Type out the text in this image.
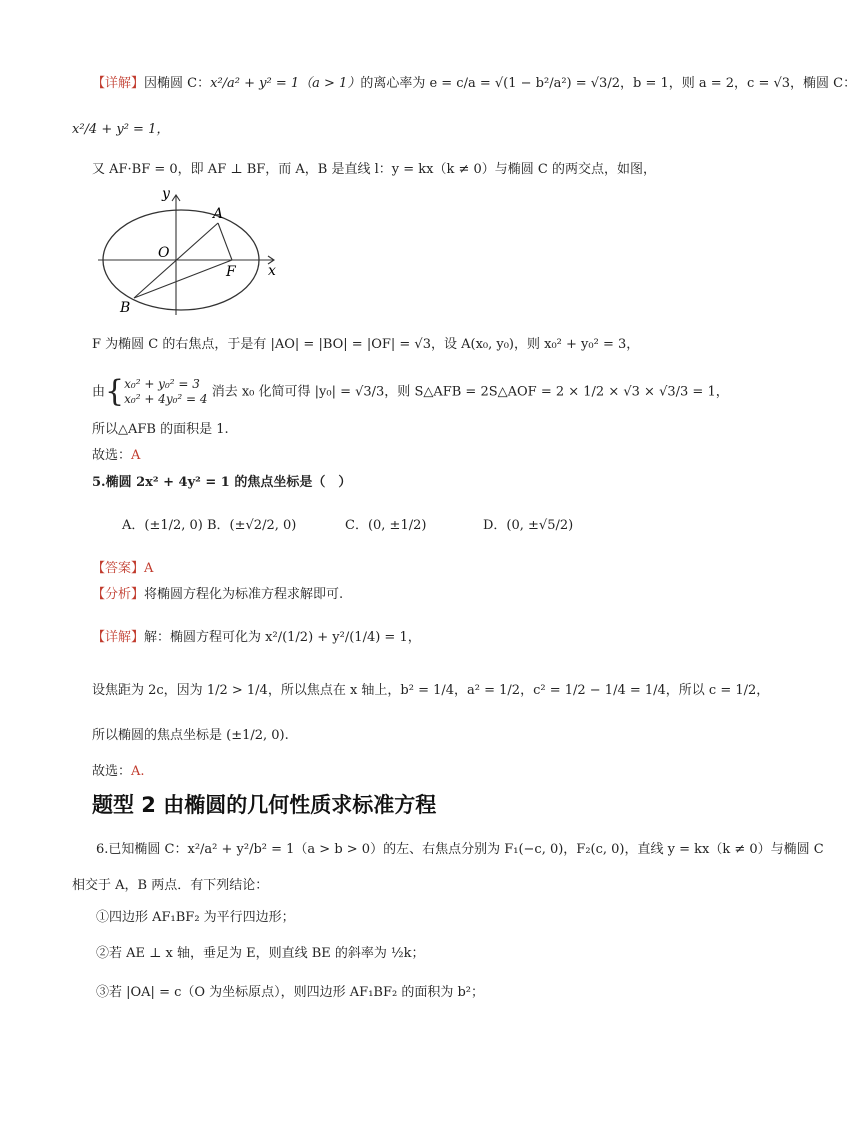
【详解】因椭圆 C：x²/a² + y² = 1（a > 1）的离心率为 e = c/a = √(1 − b²/a²) = √3/2，b = 1，则 a = 2，c = √3，椭圆 C：
x²/4 + y² = 1，
又 AF·BF = 0，即 AF ⊥ BF，而 A，B 是直线 l：y = kx（k ≠ 0）与椭圆 C 的两交点，如图，
y
x
A
O
F
B
F 为椭圆 C 的右焦点，于是有 |AO| = |BO| = |OF| = √3，设 A(x₀, y₀)，则 x₀² + y₀² = 3，
由{ x₀² + y₀² = 3
x₀² + 4y₀² = 4 消去 x₀ 化简可得 |y₀| = √3/3，则 S△AFB = 2S△AOF = 2 × 1/2 × √3 × √3/3 = 1，
所以△AFB 的面积是 1.
故选：A
5.椭圆 2x² + 4y² = 1 的焦点坐标是（　）
A．(±1/2, 0) B．(±√2/2, 0)	C．(0, ±1/2)	D．(0, ±√5/2)
【答案】A
【分析】将椭圆方程化为标准方程求解即可.
【详解】解：椭圆方程可化为 x²/(1/2) + y²/(1/4) = 1，
设焦距为 2c，因为 1/2 > 1/4，所以焦点在 x 轴上，b² = 1/4，a² = 1/2，c² = 1/2 − 1/4 = 1/4，所以 c = 1/2，
所以椭圆的焦点坐标是 (±1/2, 0).
故选：A.
题型 2 由椭圆的几何性质求标准方程
6.已知椭圆 C：x²/a² + y²/b² = 1（a > b > 0）的左、右焦点分别为 F₁(−c, 0)，F₂(c, 0)，直线 y = kx（k ≠ 0）与椭圆 C
相交于 A，B 两点．有下列结论：
①四边形 AF₁BF₂ 为平行四边形；
②若 AE ⊥ x 轴，垂足为 E，则直线 BE 的斜率为 ½k；
③若 |OA| = c（O 为坐标原点），则四边形 AF₁BF₂ 的面积为 b²；
